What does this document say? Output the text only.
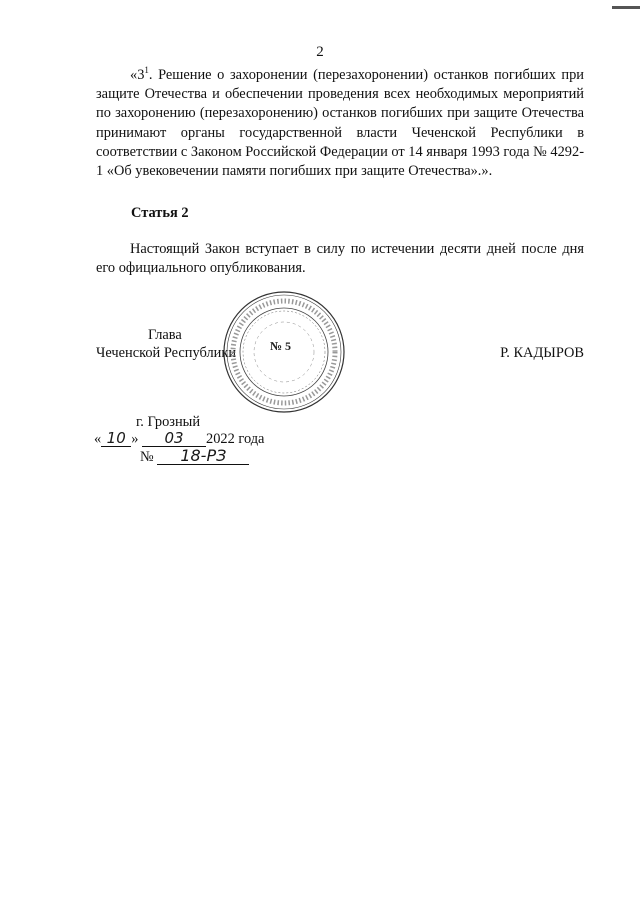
2

«$3^1$. Решение о захоронении (перезахоронении) останков погибших при защите Отечества и обеспечении проведения всех необходимых мероприятий по захоронению (перезахоронению) останков погибших при защите Отечества принимают органы государственной власти Чеченской Республики в соответствии с Законом Российской Федерации от 14 января 1993 года № 4292-1 «Об увековечении памяти погибших при защите Отечества».».

Статья 2

Настоящий Закон вступает в силу по истечении десяти дней после дня его официального опубликования.

Глава
Чеченской Республики	Р. КАДЫРОВ
№ 5
г. Грозный
« 10 » 03 2022 года
№ 18-РЗ
